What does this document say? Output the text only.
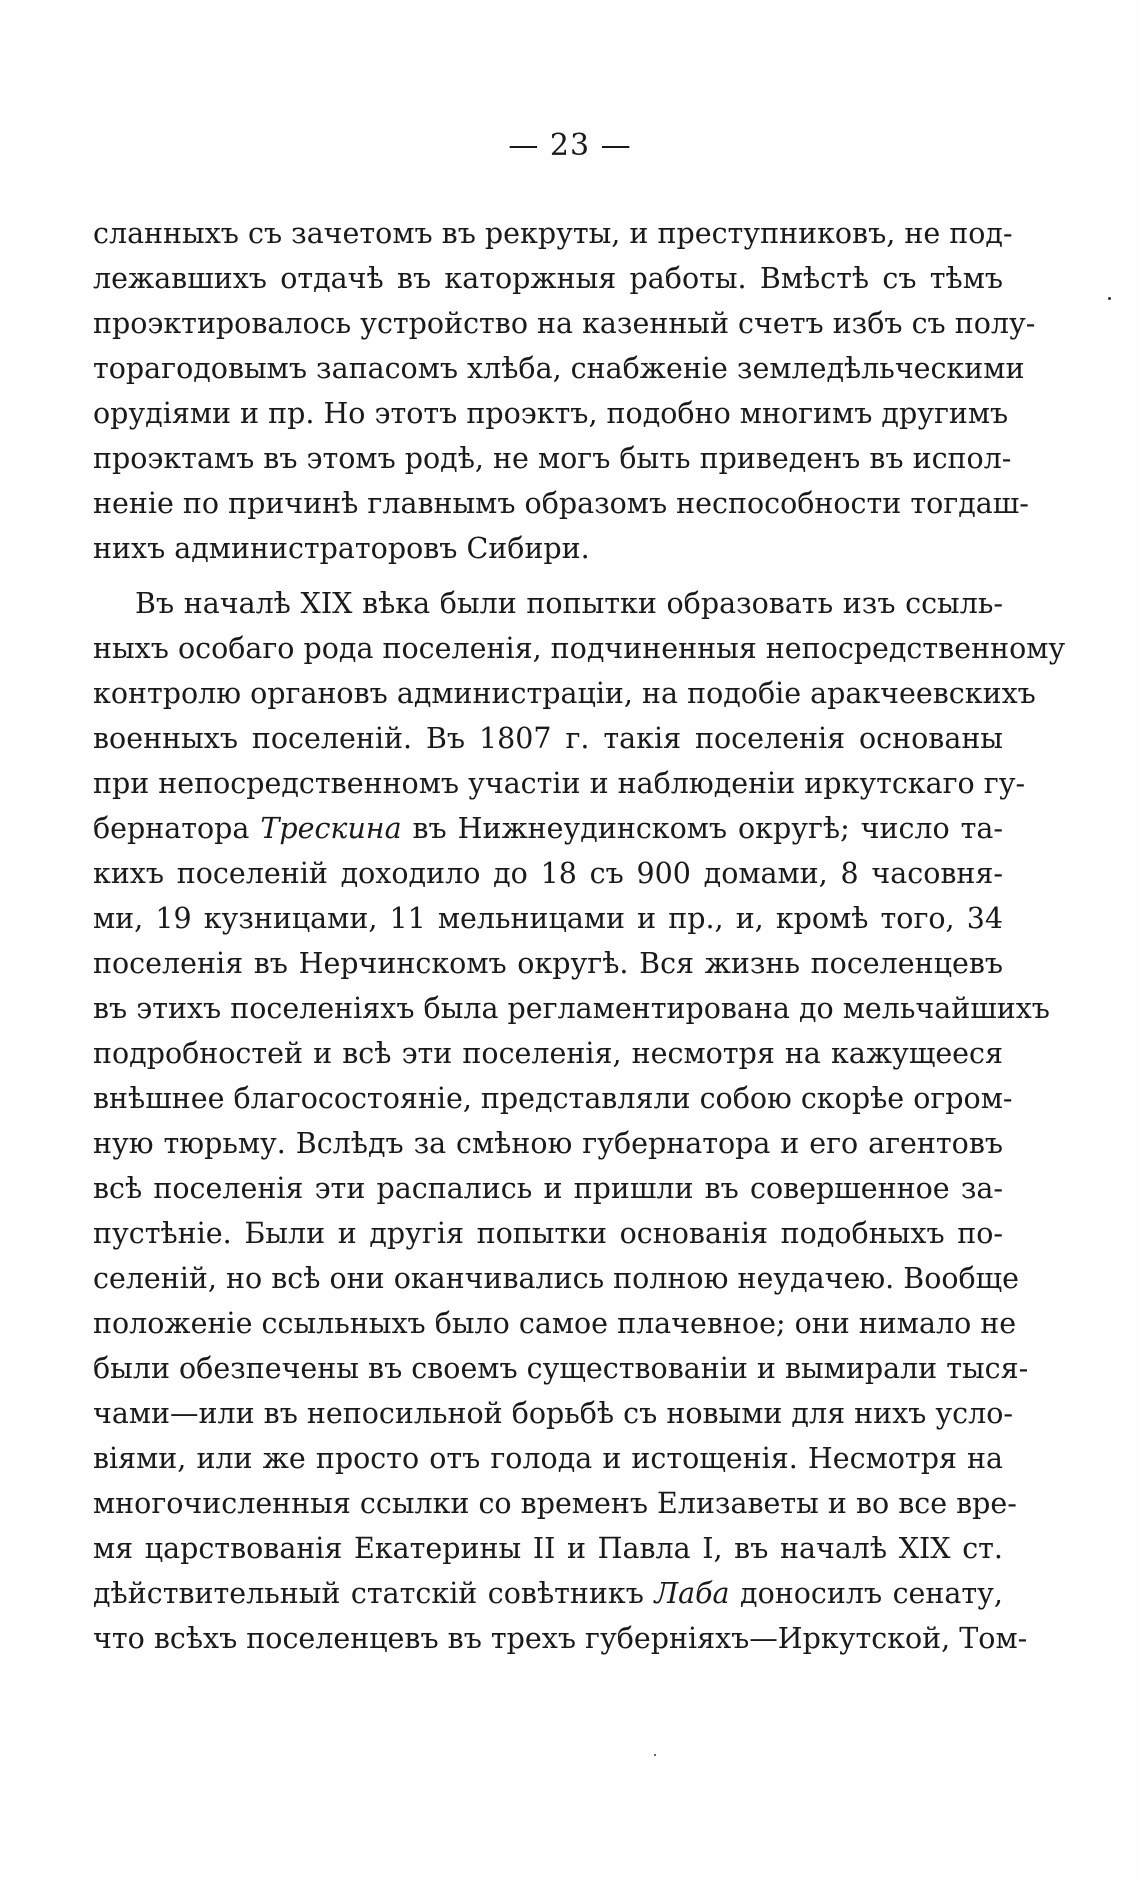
— 23 —
сланныхъ съ зачетомъ въ рекруты, и преступниковъ, не под-
лежавшихъ отдачѣ въ каторжныя работы. Вмѣстѣ съ тѣмъ
проэктировалось устройство на казенный счетъ избъ съ полу-
торагодовымъ запасомъ хлѣба, снабженіе земледѣльческими
орудіями и пр. Но этотъ проэктъ, подобно многимъ другимъ
проэктамъ въ этомъ родѣ, не могъ быть приведенъ въ испол-
неніе по причинѣ главнымъ образомъ неспособности тогдаш-
нихъ администраторовъ Сибири.
Въ началѣ XIX вѣка были попытки образовать изъ ссыль-
ныхъ особаго рода поселенія, подчиненныя непосредственному
контролю органовъ администраціи, на подобіе аракчеевскихъ
военныхъ поселеній. Въ 1807 г. такія поселенія основаны
при непосредственномъ участіи и наблюденіи иркутскаго гу-
бернатора Трескина въ Нижнеудинскомъ округѣ; число та-
кихъ поселеній доходило до 18 съ 900 домами, 8 часовня-
ми, 19 кузницами, 11 мельницами и пр., и, кромѣ того, 34
поселенія въ Нерчинскомъ округѣ. Вся жизнь поселенцевъ
въ этихъ поселеніяхъ была регламентирована до мельчайшихъ
подробностей и всѣ эти поселенія, несмотря на кажущееся
внѣшнее благосостояніе, представляли собою скорѣе огром-
ную тюрьму. Вслѣдъ за смѣною губернатора и его агентовъ
всѣ поселенія эти распались и пришли въ совершенное за-
пустѣніе. Были и другія попытки основанія подобныхъ по-
селеній, но всѣ они оканчивались полною неудачею. Вообще
положеніе ссыльныхъ было самое плачевное; они нимало не
были обезпечены въ своемъ существованіи и вымирали тыся-
чами—или въ непосильной борьбѣ съ новыми для нихъ усло-
віями, или же просто отъ голода и истощенія. Несмотря на
многочисленныя ссылки со временъ Елизаветы и во все вре-
мя царствованія Екатерины II и Павла I, въ началѣ XIX ст.
дѣйствительный статскій совѣтникъ Лаба доносилъ сенату,
что всѣхъ поселенцевъ въ трехъ губерніяхъ—Иркутской, Том-
